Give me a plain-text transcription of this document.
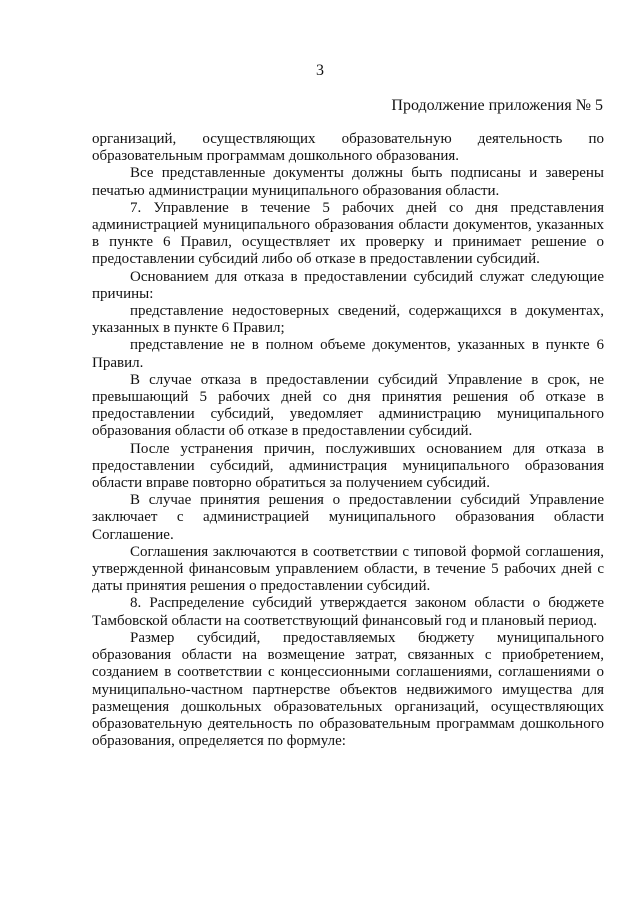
3
Продолжение приложения № 5

организаций, осуществляющих образовательную деятельность по образовательным программам дошкольного образования.

Все представленные документы должны быть подписаны и заверены печатью администрации муниципального образования области.

7. Управление в течение 5 рабочих дней со дня представления администрацией муниципального образования области документов, указанных в пункте 6 Правил, осуществляет их проверку и принимает решение о предоставлении субсидий либо об отказе в предоставлении субсидий.

Основанием для отказа в предоставлении субсидий служат следующие причины:

представление недостоверных сведений, содержащихся в документах, указанных в пункте 6 Правил;

представление не в полном объеме документов, указанных в пункте 6 Правил.

В случае отказа в предоставлении субсидий Управление в срок, не превышающий 5 рабочих дней со дня принятия решения об отказе в предоставлении субсидий, уведомляет администрацию муниципального образования области об отказе в предоставлении субсидий.

После устранения причин, послуживших основанием для отказа в предоставлении субсидий, администрация муниципального образования области вправе повторно обратиться за получением субсидий.

В случае принятия решения о предоставлении субсидий Управление заключает с администрацией муниципального образования области Соглашение.

Соглашения заключаются в соответствии с типовой формой соглашения, утвержденной финансовым управлением области, в течение 5 рабочих дней с даты принятия решения о предоставлении субсидий.

8. Распределение субсидий утверждается законом области о бюджете Тамбовской области на соответствующий финансовый год и плановый период.

Размер субсидий, предоставляемых бюджету муниципального образования области на возмещение затрат, связанных с приобретением, созданием в соответствии с концессионными соглашениями, соглашениями о муниципально-частном партнерстве объектов недвижимого имущества для размещения дошкольных образовательных организаций, осуществляющих образовательную деятельность по образовательным программам дошкольного образования, определяется по формуле:
